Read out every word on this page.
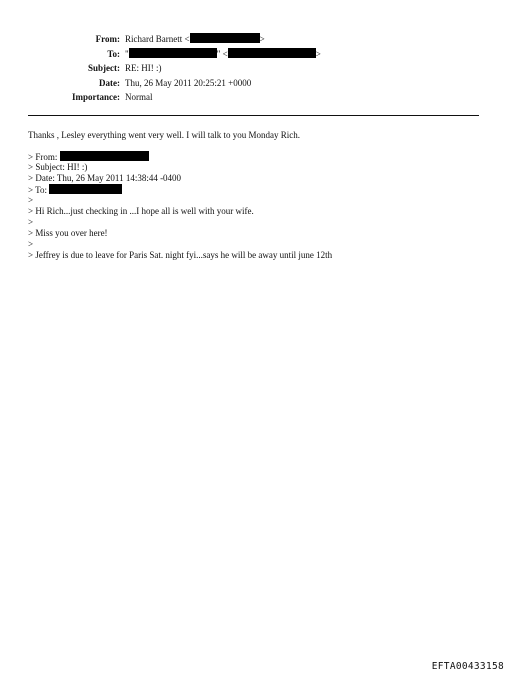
From: Richard Barnett <	>
To: "	" <	>
Subject: RE: HI! :)
Date: Thu, 26 May 2011 20:25:21 +0000
Importance: Normal
Thanks , Lesley everything went very well. I will talk to you Monday Rich.
> From:
> Subject: HI! :)
> Date: Thu, 26 May 2011 14:38:44 -0400
> To:
>
> Hi Rich...just checking in ...I hope all is well with your wife.
>
> Miss you over here!
>
> Jeffrey is due to leave for Paris Sat. night fyi...says he will be away until june 12th
EFTA00433158
